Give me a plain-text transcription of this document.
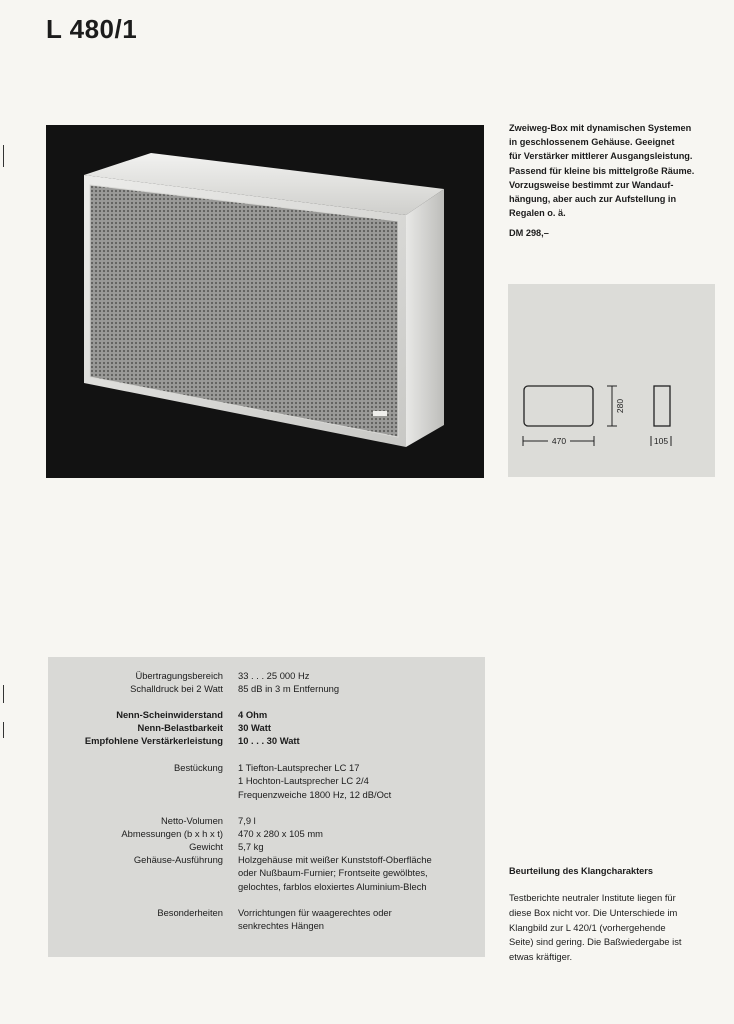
L 480/1
Zweiweg-Box mit dynamischen Systemen
in geschlossenem Gehäuse. Geeignet
für Verstärker mittlerer Ausgangsleistung.
Passend für kleine bis mittelgroße Räume.
Vorzugsweise bestimmt zur Wandauf-
hängung, aber auch zur Aufstellung in
Regalen o. ä.
DM 298,–
470
280
105
Übertragungsbereich 33 . . . 25 000 Hz
Schalldruck bei 2 Watt 85 dB in 3 m Entfernung
Nenn-Scheinwiderstand 4 Ohm
Nenn-Belastbarkeit 30 Watt
Empfohlene Verstärkerleistung 10 . . . 30 Watt
Bestückung 1 Tiefton-Lautsprecher LC 17
1 Hochton-Lautsprecher LC 2/4
Frequenzweiche 1800 Hz, 12 dB/Oct
Netto-Volumen 7,9 l
Abmessungen (b x h x t) 470 x 280 x 105 mm
Gewicht 5,7 kg
Gehäuse-Ausführung Holzgehäuse mit weißer Kunststoff-Oberfläche
oder Nußbaum-Furnier; Frontseite gewölbtes,
gelochtes, farblos eloxiertes Aluminium-Blech
Besonderheiten Vorrichtungen für waagerechtes oder
senkrechtes Hängen
Beurteilung des Klangcharakters
Testberichte neutraler Institute liegen für
diese Box nicht vor. Die Unterschiede im
Klangbild zur L 420/1 (vorhergehende
Seite) sind gering. Die Baßwiedergabe ist
etwas kräftiger.
